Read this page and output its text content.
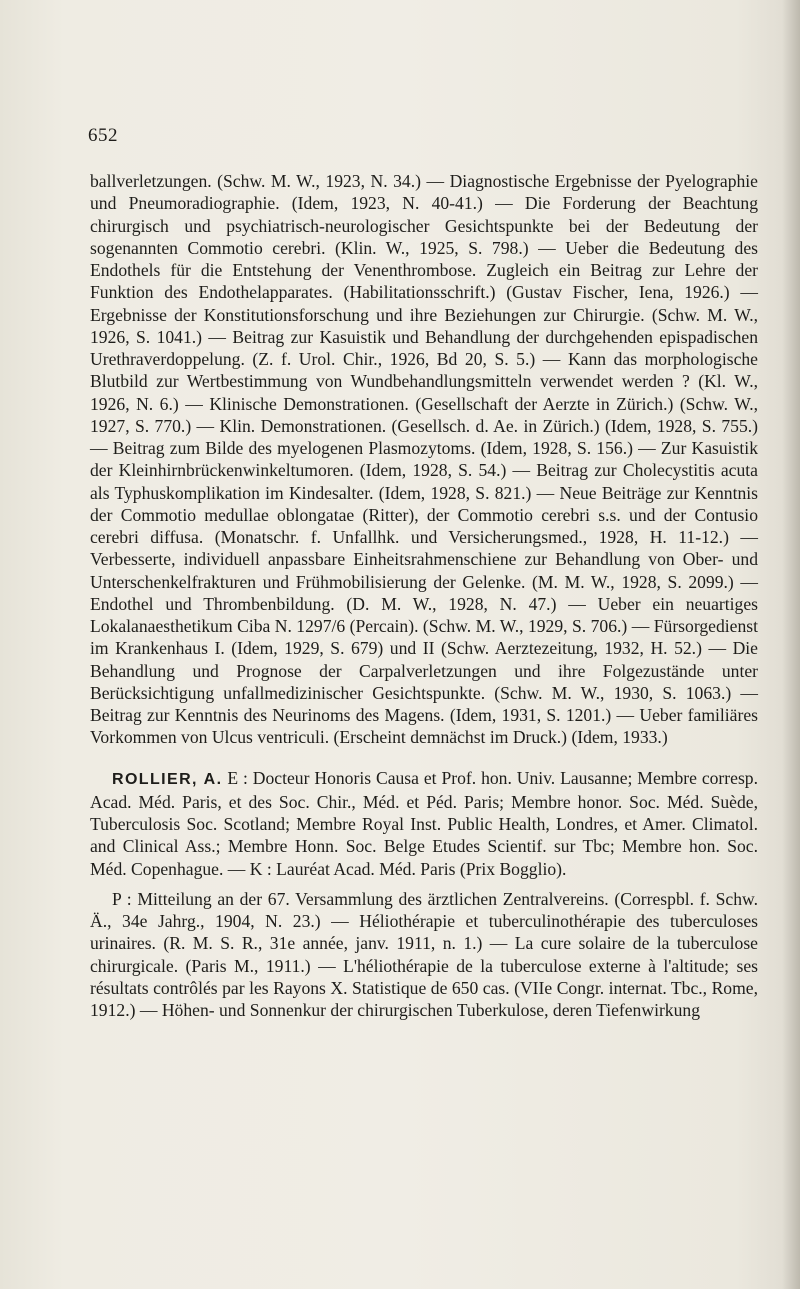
652

ballverletzungen. (Schw. M. W., 1923, N. 34.) — Diagnostische Ergebnisse der Pyelographie und Pneumoradiographie. (Idem, 1923, N. 40-41.) — Die Forderung der Beachtung chirurgisch und psychiatrisch-neurologischer Gesichtspunkte bei der Bedeutung der sogenannten Commotio cerebri. (Klin. W., 1925, S. 798.) — Ueber die Bedeutung des Endothels für die Entstehung der Venenthrombose. Zugleich ein Beitrag zur Lehre der Funktion des Endothelapparates. (Habilitationsschrift.) (Gustav Fischer, Iena, 1926.) — Ergebnisse der Konstitutionsforschung und ihre Beziehungen zur Chirurgie. (Schw. M. W., 1926, S. 1041.) — Beitrag zur Kasuistik und Behandlung der durchgehenden epispadischen Urethraverdoppelung. (Z. f. Urol. Chir., 1926, Bd 20, S. 5.) — Kann das morphologische Blutbild zur Wertbestimmung von Wundbehandlungsmitteln verwendet werden ? (Kl. W., 1926, N. 6.) — Klinische Demonstrationen. (Gesellschaft der Aerzte in Zürich.) (Schw. W., 1927, S. 770.) — Klin. Demonstrationen. (Gesellsch. d. Ae. in Zürich.) (Idem, 1928, S. 755.) — Beitrag zum Bilde des myelogenen Plasmozytoms. (Idem, 1928, S. 156.) — Zur Kasuistik der Kleinhirnbrückenwinkeltumoren. (Idem, 1928, S. 54.) — Beitrag zur Cholecystitis acuta als Typhuskomplikation im Kindesalter. (Idem, 1928, S. 821.) — Neue Beiträge zur Kenntnis der Commotio medullae oblongatae (Ritter), der Commotio cerebri s.s. und der Contusio cerebri diffusa. (Monatschr. f. Unfallhk. und Versicherungsmed., 1928, H. 11-12.) — Verbesserte, individuell anpassbare Einheitsrahmenschiene zur Behandlung von Ober- und Unterschenkelfrakturen und Frühmobilisierung der Gelenke. (M. M. W., 1928, S. 2099.) — Endothel und Thrombenbildung. (D. M. W., 1928, N. 47.) — Ueber ein neuartiges Lokalanaesthetikum Ciba N. 1297/6 (Percain). (Schw. M. W., 1929, S. 706.) — Fürsorgedienst im Krankenhaus I. (Idem, 1929, S. 679) und II (Schw. Aerztezeitung, 1932, H. 52.) — Die Behandlung und Prognose der Carpalverletzungen und ihre Folgezustände unter Berücksichtigung unfallmedizinischer Gesichtspunkte. (Schw. M. W., 1930, S. 1063.) — Beitrag zur Kenntnis des Neurinoms des Magens. (Idem, 1931, S. 1201.) — Ueber familiäres Vorkommen von Ulcus ventriculi. (Erscheint demnächst im Druck.) (Idem, 1933.)

ROLLIER, A. E : Docteur Honoris Causa et Prof. hon. Univ. Lausanne; Membre corresp. Acad. Méd. Paris, et des Soc. Chir., Méd. et Péd. Paris; Membre honor. Soc. Méd. Suède, Tuberculosis Soc. Scotland; Membre Royal Inst. Public Health, Londres, et Amer. Climatol. and Clinical Ass.; Membre Honn. Soc. Belge Etudes Scientif. sur Tbc; Membre hon. Soc. Méd. Copenhague. — K : Lauréat Acad. Méd. Paris (Prix Bogglio).

P : Mitteilung an der 67. Versammlung des ärztlichen Zentralvereins. (Correspbl. f. Schw. Ä., 34e Jahrg., 1904, N. 23.) — Héliothérapie et tuberculinothérapie des tuberculoses urinaires. (R. M. S. R., 31e année, janv. 1911, n. 1.) — La cure solaire de la tuberculose chirurgicale. (Paris M., 1911.) — L'héliothérapie de la tuberculose externe à l'altitude; ses résultats contrôlés par les Rayons X. Statistique de 650 cas. (VIIe Congr. internat. Tbc., Rome, 1912.) — Höhen- und Sonnenkur der chirurgischen Tuberkulose, deren Tiefenwirkung
